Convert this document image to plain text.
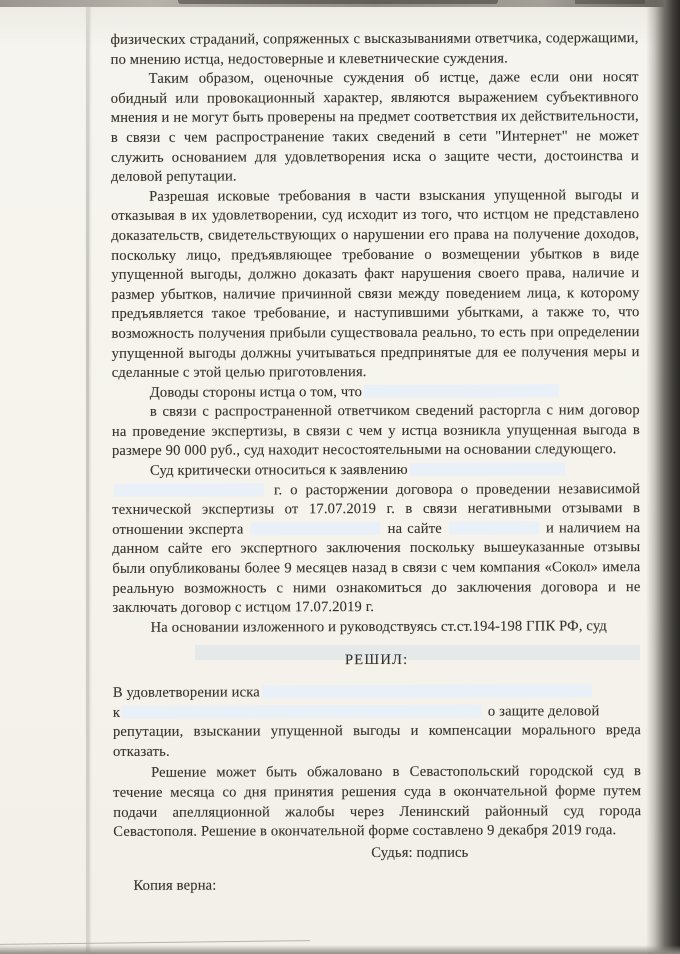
физических страданий, сопряженных с высказываниями ответчика, содержащими, по мнению истца, недостоверные и клеветнические суждения.

Таким образом, оценочные суждения об истце, даже если они носят обидный или провокационный характер, являются выражением субъективного мнения и не могут быть проверены на предмет соответствия их действительности, в связи с чем распространение таких сведений в сети "Интернет" не может служить основанием для удовлетворения иска о защите чести, достоинства и деловой репутации.

Разрешая исковые требования в части взыскания упущенной выгоды и отказывая в их удовлетворении, суд исходит из того, что истцом не представлено доказательств, свидетельствующих о нарушении его права на получение доходов, поскольку лицо, предъявляющее требование о возмещении убытков в виде упущенной выгоды, должно доказать факт нарушения своего права, наличие и размер убытков, наличие причинной связи между поведением лица, к которому предъявляется такое требование, и наступившими убытками, а также то, что возможность получения прибыли существовала реально, то есть при определении упущенной выгоды должны учитываться предпринятые для ее получения меры и сделанные с этой целью приготовления.

Доводы стороны истца о том, что

в связи с распространенной ответчиком сведений расторгла с ним договор на проведение экспертизы, в связи с чем у истца возникла упущенная выгода в размере 90 000 руб., суд находит несостоятельными на основании следующего.

Суд критически относиться к заявлению

г. о расторжении договора о проведении независимой технической экспертизы от 17.07.2019 г. в связи негативными отзывами в отношении эксперта	на сайте	и наличием на данном сайте его экспертного заключения поскольку вышеуказанные отзывы были опубликованы более 9 месяцев назад в связи с чем компания «Сокол» имела реальную возможность с ними ознакомиться до заключения договора и не заключать договор с истцом 17.07.2019 г.

На основании изложенного и руководствуясь ст.ст.194-198 ГПК РФ, суд

РЕШИЛ:

В удовлетворении иска
к	о защите деловой
репутации, взыскании упущенной выгоды и компенсации морального вреда отказать.

Решение может быть обжаловано в Севастопольский городской суд в течение месяца со дня принятия решения суда в окончательной форме путем подачи апелляционной жалобы через Ленинский районный суд города Севастополя. Решение в окончательной форме составлено 9 декабря 2019 года.

Судья: подпись

Копия верна:
